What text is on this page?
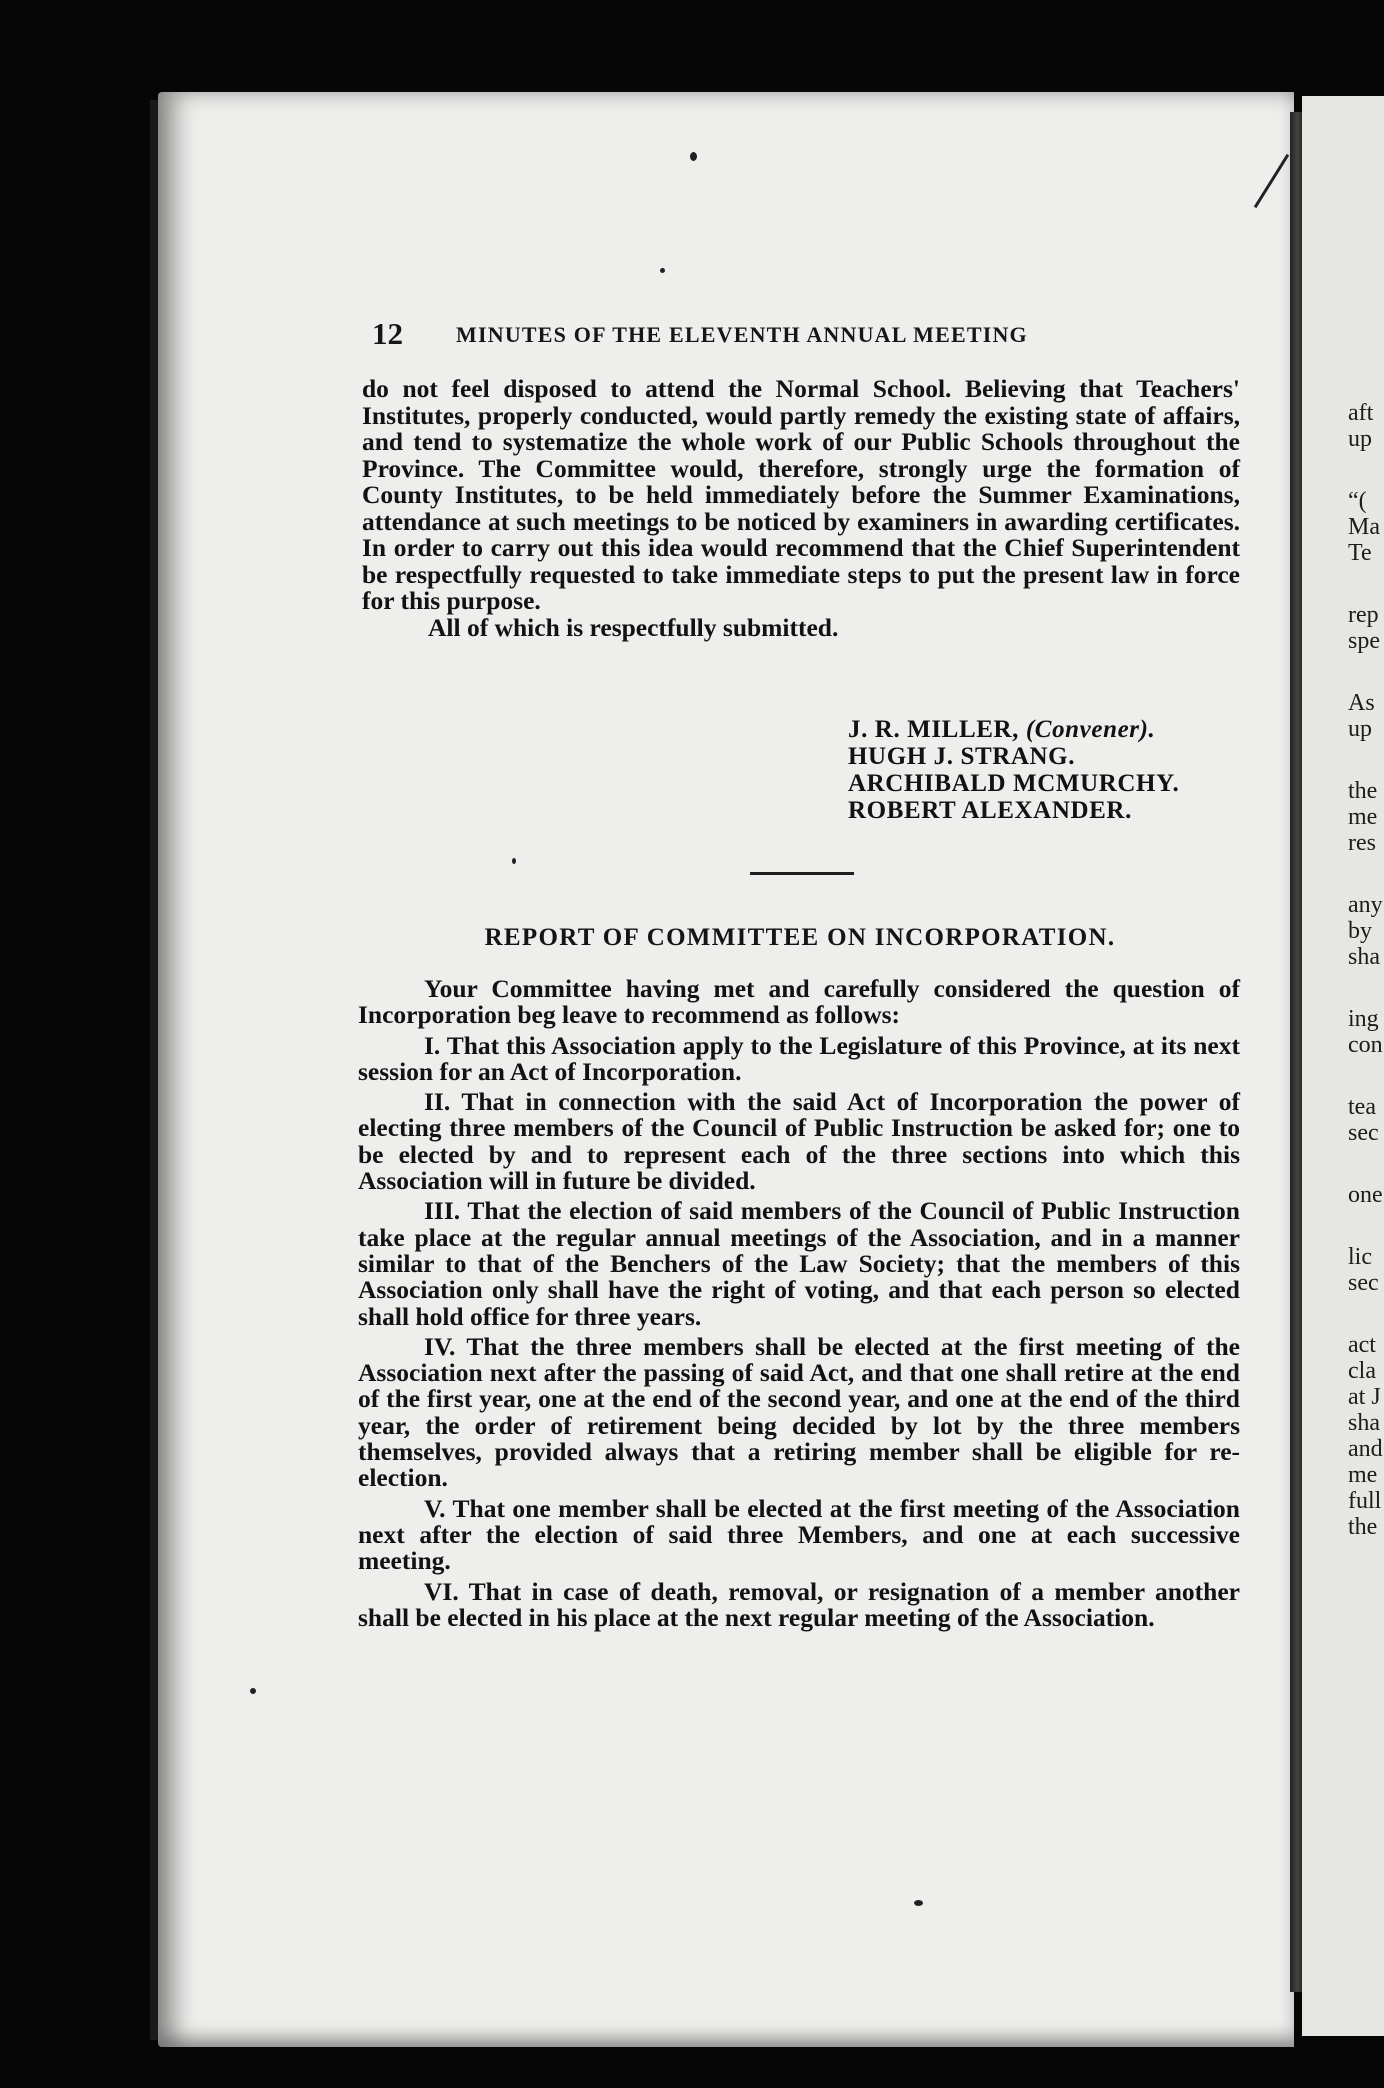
aft
up
“(
Ma
Te
rep
spe
As
up
the
me
res
any
by
sha
ing
con
tea
sec
one
lic
sec
act
cla
at J
sha
and
me
full
the
12 MINUTES OF THE ELEVENTH ANNUAL MEETING

do not feel disposed to attend the Normal School. Believing that Teachers' Institutes, properly conducted, would partly remedy the existing state of affairs, and tend to systematize the whole work of our Public Schools throughout the Province. The Committee would, therefore, strongly urge the formation of County Institutes, to be held immediately before the Summer Examinations, attendance at such meetings to be noticed by examiners in awarding certificates. In order to carry out this idea would recommend that the Chief Superintendent be respectfully requested to take immediate steps to put the present law in force for this purpose.

All of which is respectfully submitted.

J. R. MILLER, (Convener).
HUGH J. STRANG.
ARCHIBALD MCMURCHY.
ROBERT ALEXANDER.
REPORT OF COMMITTEE ON INCORPORATION.

Your Committee having met and carefully considered the question of Incorporation beg leave to recommend as follows:

I. That this Association apply to the Legislature of this Province, at its next session for an Act of Incorporation.

II. That in connection with the said Act of Incorporation the power of electing three members of the Council of Public Instruction be asked for; one to be elected by and to represent each of the three sections into which this Association will in future be divided.

III. That the election of said members of the Council of Public Instruction take place at the regular annual meetings of the Association, and in a manner similar to that of the Benchers of the Law Society; that the members of this Association only shall have the right of voting, and that each person so elected shall hold office for three years.

IV. That the three members shall be elected at the first meeting of the Association next after the passing of said Act, and that one shall retire at the end of the first year, one at the end of the second year, and one at the end of the third year, the order of retirement being decided by lot by the three members themselves, provided always that a retiring member shall be eligible for re-election.

V. That one member shall be elected at the first meeting of the Association next after the election of said three Members, and one at each successive meeting.

VI. That in case of death, removal, or resignation of a member another shall be elected in his place at the next regular meeting of the Association.
